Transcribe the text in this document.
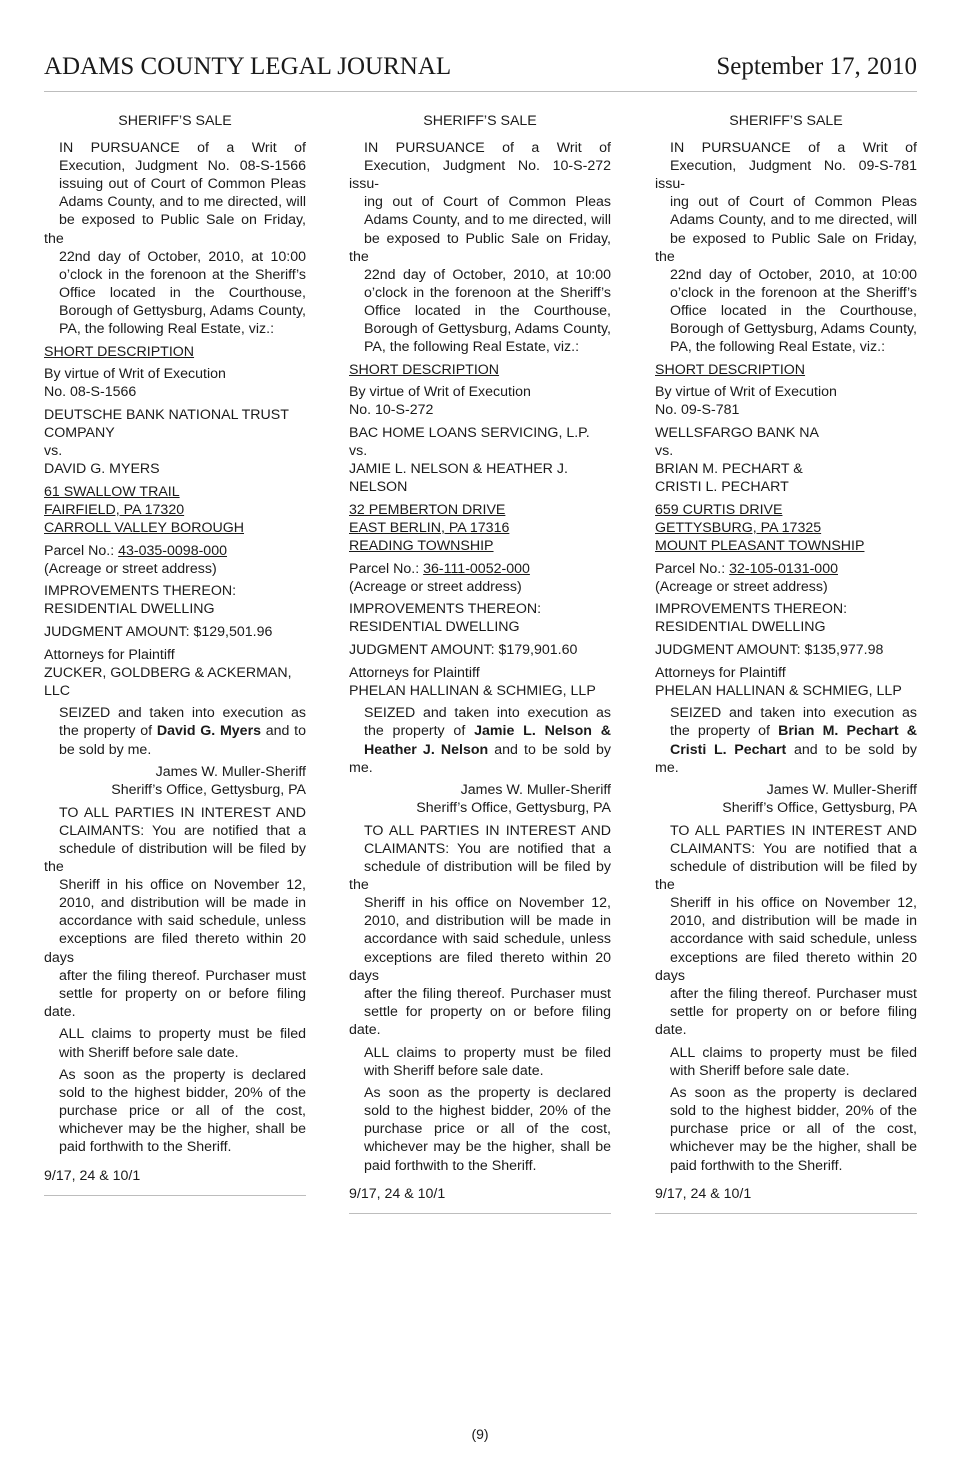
ADAMS COUNTY LEGAL JOURNAL	September 17, 2010

SHERIFF’S SALE

IN PURSUANCE of a Writ of
Execution, Judgment No. 08-S-1566
issuing out of Court of Common Pleas
Adams County, and to me directed, will
be exposed to Public Sale on Friday, the
22nd day of October, 2010, at 10:00
o’clock in the forenoon at the Sheriff’s
Office located in the Courthouse,
Borough of Gettysburg, Adams County,
PA, the following Real Estate, viz.:

SHORT DESCRIPTION

By virtue of Writ of Execution
No. 08-S-1566

DEUTSCHE BANK NATIONAL TRUST
COMPANY
vs.
DAVID G. MYERS

61 SWALLOW TRAIL
FAIRFIELD, PA 17320
CARROLL VALLEY BOROUGH

Parcel No.: 43-035-0098-000
(Acreage or street address)

IMPROVEMENTS THEREON:
RESIDENTIAL DWELLING

JUDGMENT AMOUNT: $129,501.96

Attorneys for Plaintiff
ZUCKER, GOLDBERG & ACKERMAN,
LLC

SEIZED and taken into execution as
the property of David G. Myers and to
be sold by me.

James W. Muller-Sheriff
Sheriff’s Office, Gettysburg, PA

TO ALL PARTIES IN INTEREST AND
CLAIMANTS: You are notified that a
schedule of distribution will be filed by the
Sheriff in his office on November 12,
2010, and distribution will be made in
accordance with said schedule, unless
exceptions are filed thereto within 20 days
after the filing thereof. Purchaser must
settle for property on or before filing date.

ALL claims to property must be filed
with Sheriff before sale date.

As soon as the property is declared
sold to the highest bidder, 20% of the
purchase price or all of the cost,
whichever may be the higher, shall be
paid forthwith to the Sheriff.

9/17, 24 & 10/1

SHERIFF’S SALE

IN PURSUANCE of a Writ of
Execution, Judgment No. 10-S-272 issu-
ing out of Court of Common Pleas
Adams County, and to me directed, will
be exposed to Public Sale on Friday, the
22nd day of October, 2010, at 10:00
o’clock in the forenoon at the Sheriff’s
Office located in the Courthouse,
Borough of Gettysburg, Adams County,
PA, the following Real Estate, viz.:

SHORT DESCRIPTION

By virtue of Writ of Execution
No. 10-S-272

BAC HOME LOANS SERVICING, L.P.
vs.
JAMIE L. NELSON & HEATHER J.
NELSON

32 PEMBERTON DRIVE
EAST BERLIN, PA 17316
READING TOWNSHIP

Parcel No.: 36-111-0052-000
(Acreage or street address)

IMPROVEMENTS THEREON:
RESIDENTIAL DWELLING

JUDGMENT AMOUNT: $179,901.60

Attorneys for Plaintiff
PHELAN HALLINAN & SCHMIEG, LLP

SEIZED and taken into execution as
the property of Jamie L. Nelson &
Heather J. Nelson and to be sold by me.

James W. Muller-Sheriff
Sheriff’s Office, Gettysburg, PA

TO ALL PARTIES IN INTEREST AND
CLAIMANTS: You are notified that a
schedule of distribution will be filed by the
Sheriff in his office on November 12,
2010, and distribution will be made in
accordance with said schedule, unless
exceptions are filed thereto within 20 days
after the filing thereof. Purchaser must
settle for property on or before filing date.

ALL claims to property must be filed
with Sheriff before sale date.

As soon as the property is declared
sold to the highest bidder, 20% of the
purchase price or all of the cost,
whichever may be the higher, shall be
paid forthwith to the Sheriff.

9/17, 24 & 10/1

SHERIFF’S SALE

IN PURSUANCE of a Writ of
Execution, Judgment No. 09-S-781 issu-
ing out of Court of Common Pleas
Adams County, and to me directed, will
be exposed to Public Sale on Friday, the
22nd day of October, 2010, at 10:00
o’clock in the forenoon at the Sheriff’s
Office located in the Courthouse,
Borough of Gettysburg, Adams County,
PA, the following Real Estate, viz.:

SHORT DESCRIPTION

By virtue of Writ of Execution
No. 09-S-781

WELLSFARGO BANK NA
vs.
BRIAN M. PECHART &
CRISTI L. PECHART

659 CURTIS DRIVE
GETTYSBURG, PA 17325
MOUNT PLEASANT TOWNSHIP

Parcel No.: 32-105-0131-000
(Acreage or street address)

IMPROVEMENTS THEREON:
RESIDENTIAL DWELLING

JUDGMENT AMOUNT: $135,977.98

Attorneys for Plaintiff
PHELAN HALLINAN & SCHMIEG, LLP

SEIZED and taken into execution as
the property of Brian M. Pechart &
Cristi L. Pechart and to be sold by me.

James W. Muller-Sheriff
Sheriff’s Office, Gettysburg, PA

TO ALL PARTIES IN INTEREST AND
CLAIMANTS: You are notified that a
schedule of distribution will be filed by the
Sheriff in his office on November 12,
2010, and distribution will be made in
accordance with said schedule, unless
exceptions are filed thereto within 20 days
after the filing thereof. Purchaser must
settle for property on or before filing date.

ALL claims to property must be filed
with Sheriff before sale date.

As soon as the property is declared
sold to the highest bidder, 20% of the
purchase price or all of the cost,
whichever may be the higher, shall be
paid forthwith to the Sheriff.

9/17, 24 & 10/1

(9)
